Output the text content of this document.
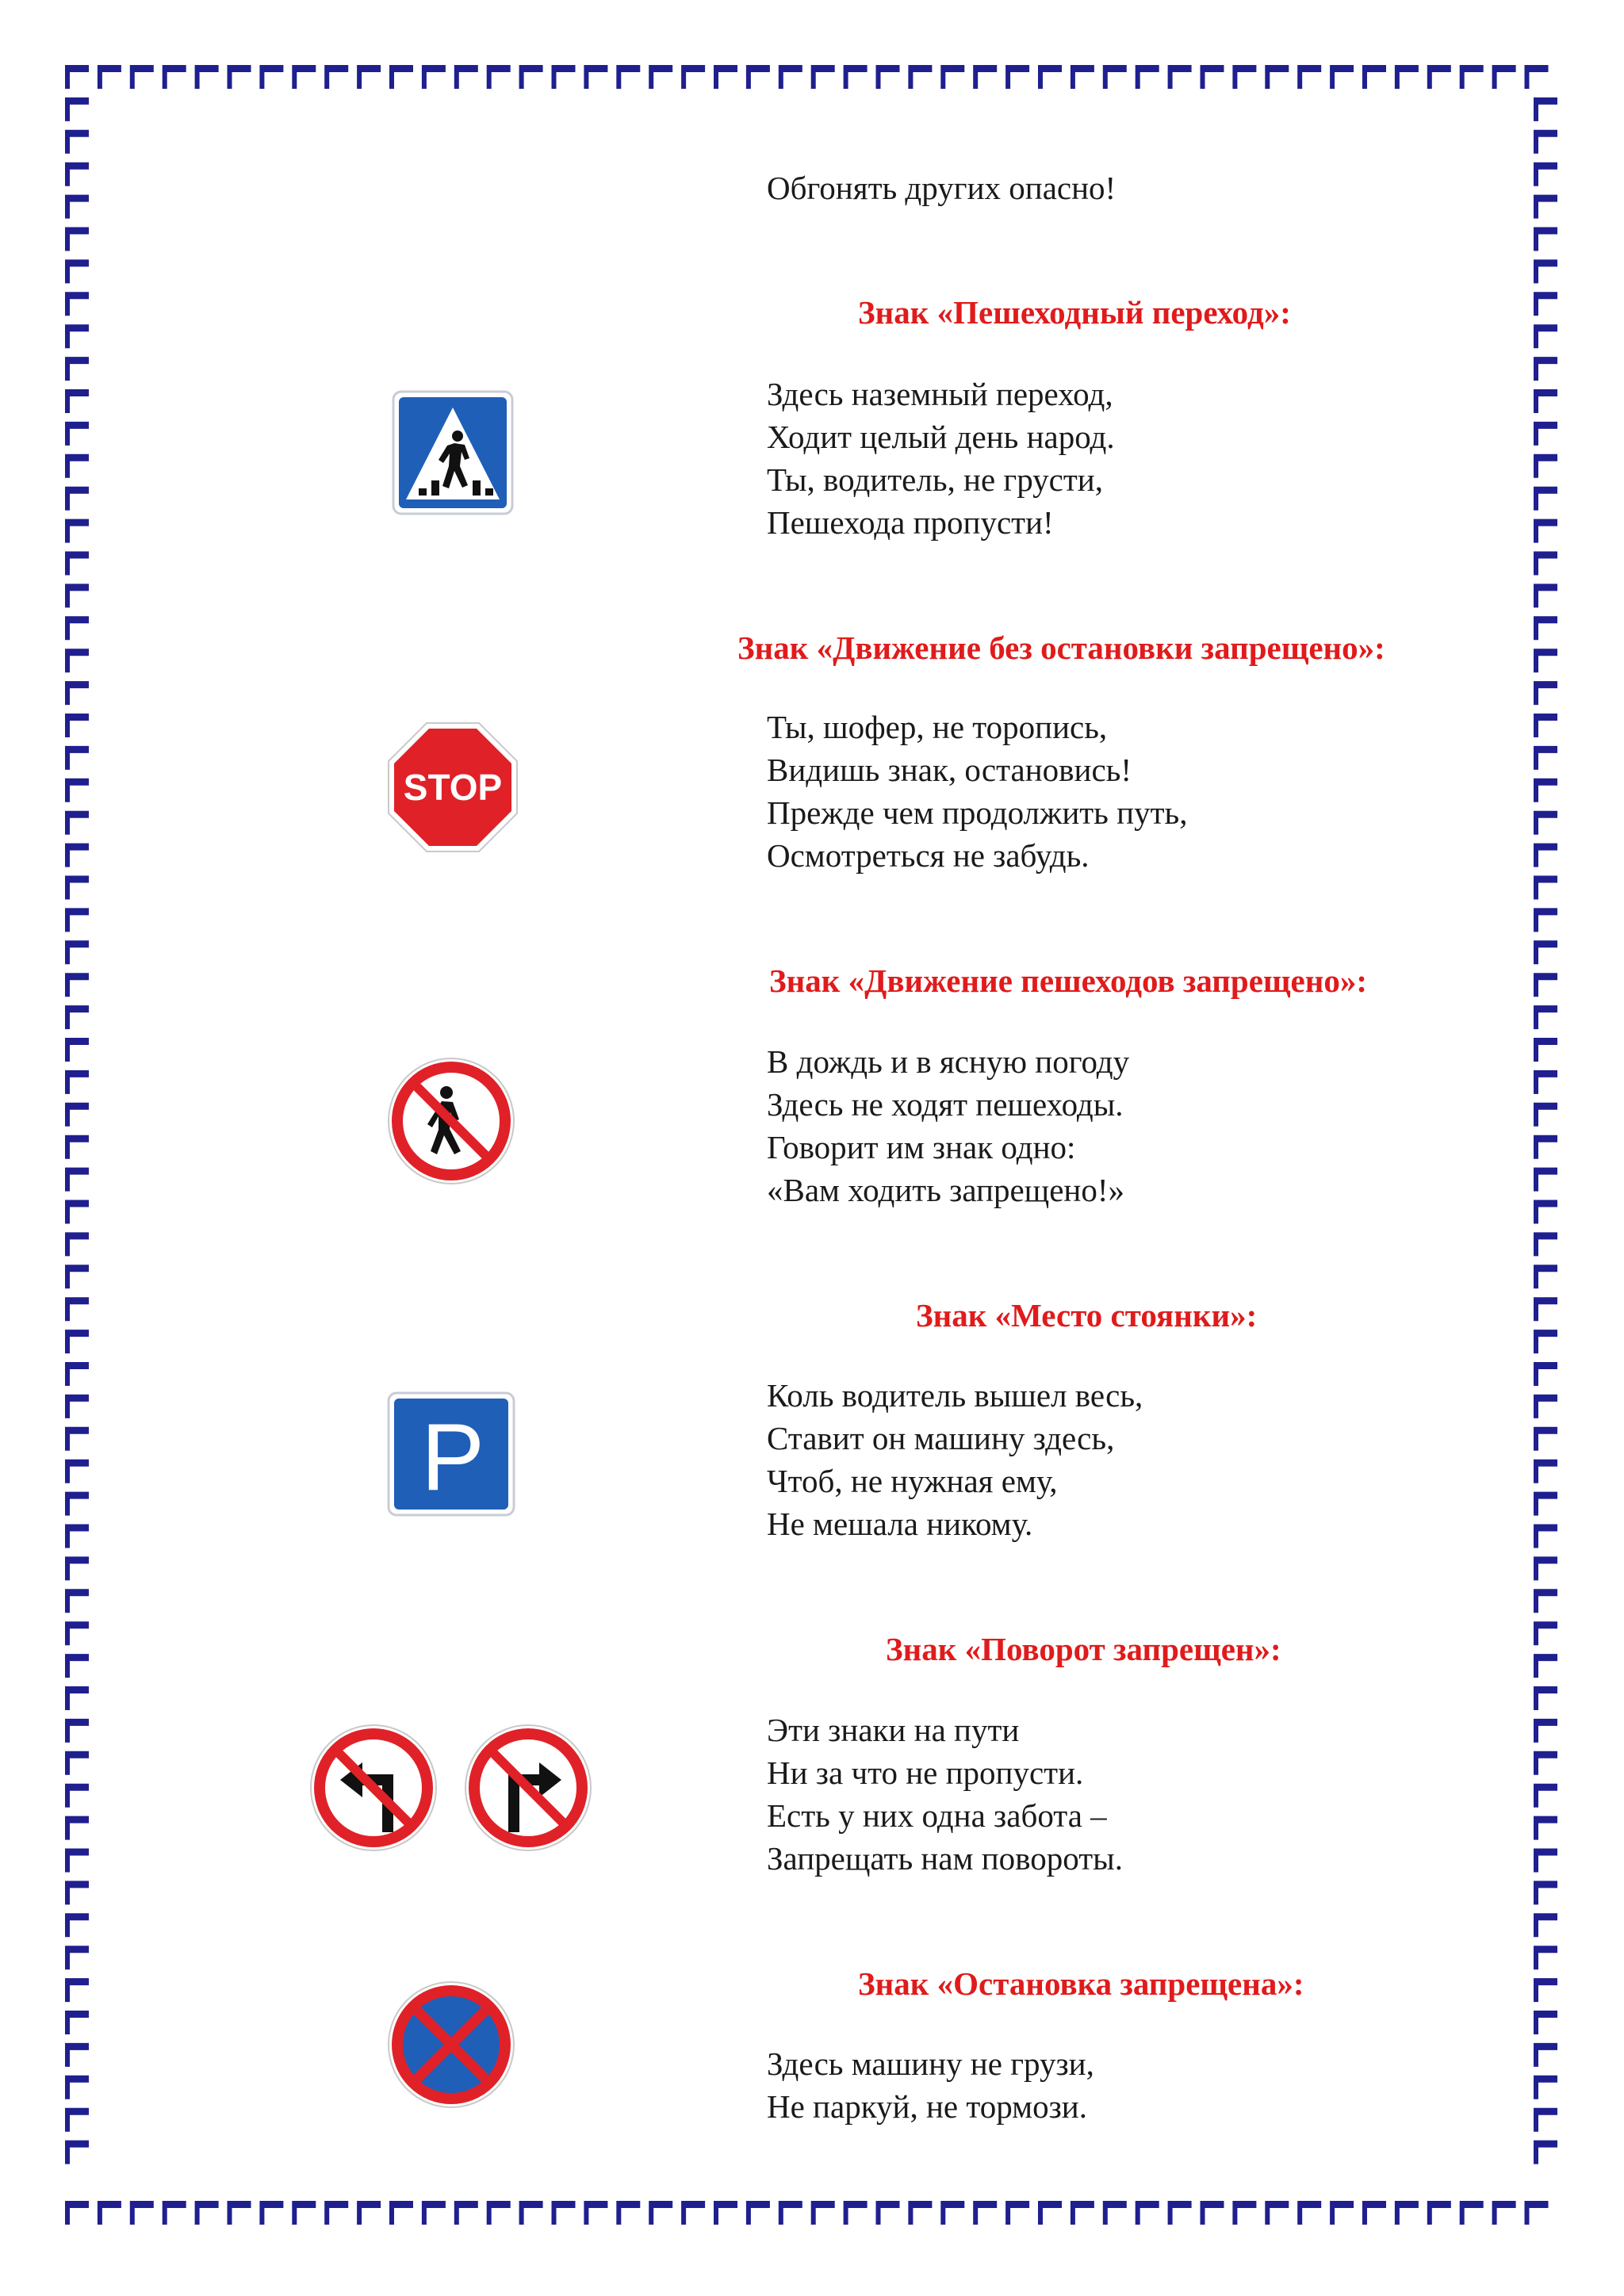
Обгонять других опасно!
Знак «Пешеходный переход»:
Здесь наземный переход,
Ходит целый день народ.
Ты, водитель, не грусти,
Пешехода пропусти!
Знак «Движение без остановки запрещено»:
STOP
Ты, шофер, не торопись,
Видишь знак, остановись!
Прежде чем продолжить путь,
Осмотреться не забудь.
Знак «Движение пешеходов запрещено»:
В дождь и в ясную погоду
Здесь не ходят пешеходы.
Говорит им знак одно:
«Вам ходить запрещено!»
Знак «Место стоянки»:
P
Коль водитель вышел весь,
Ставит он машину здесь,
Чтоб, не нужная ему,
Не мешала никому.
Знак «Поворот запрещен»:
Эти знаки на пути
Ни за что не пропусти.
Есть у них одна забота –
Запрещать нам повороты.
Знак «Остановка запрещена»:
Здесь машину не грузи,
Не паркуй, не тормози.
